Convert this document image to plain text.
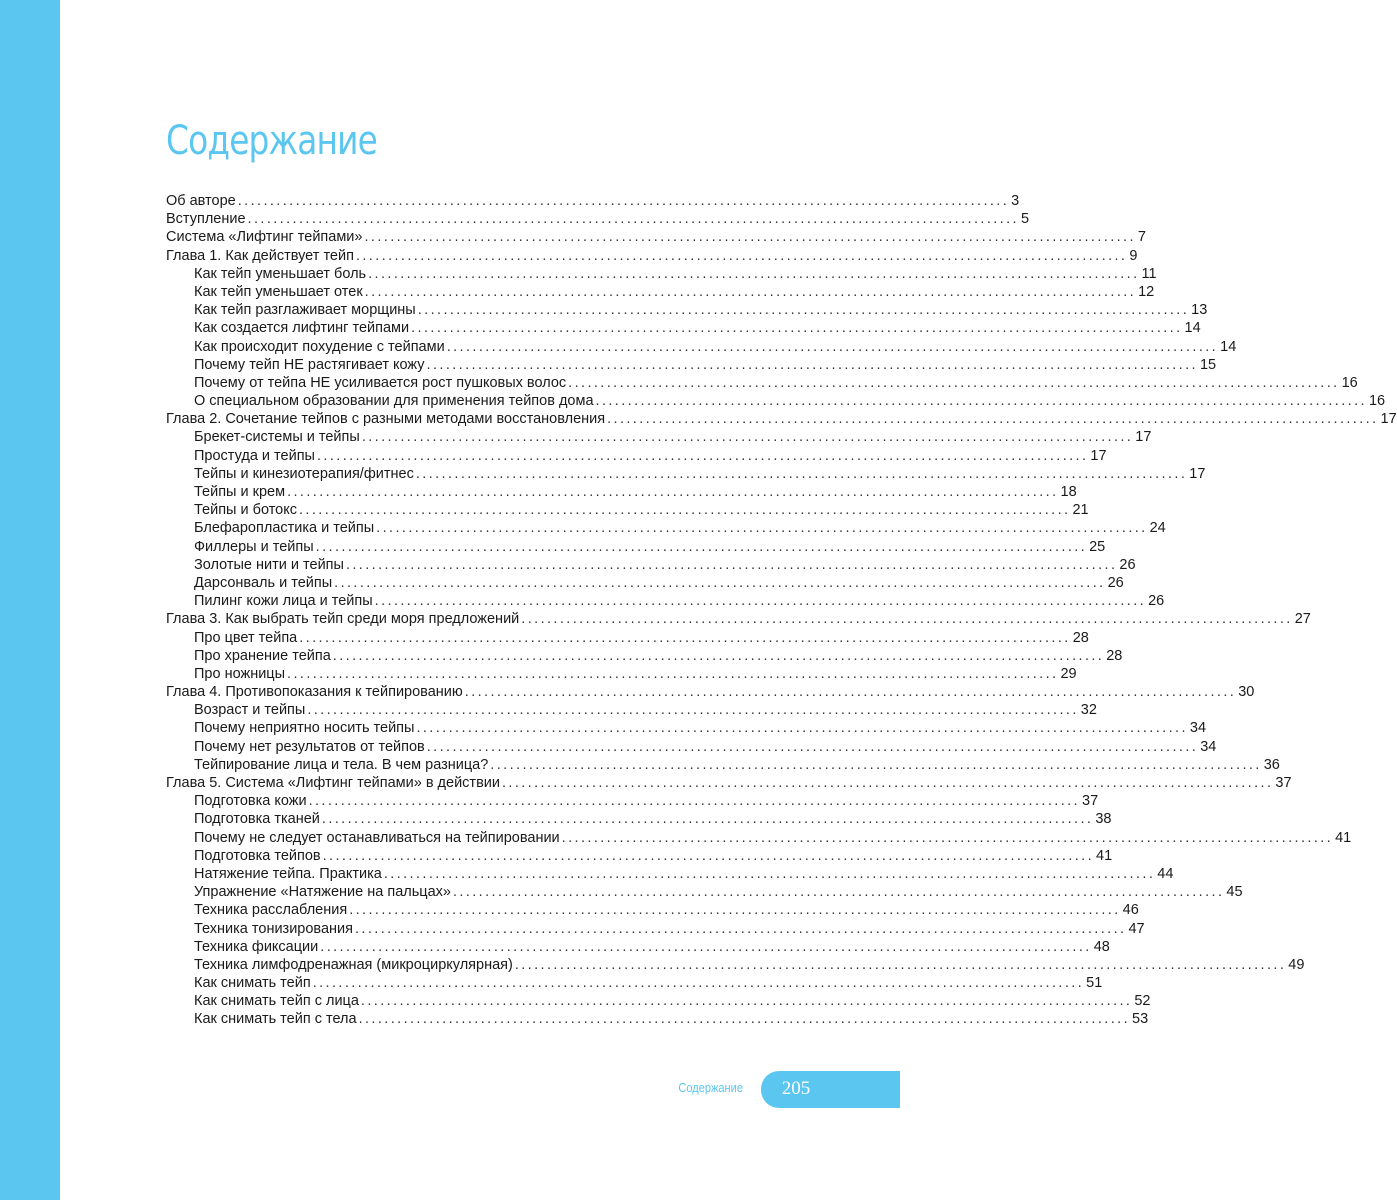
Содержание
Об авторе ........................................................................................................................ 3
Вступление ........................................................................................................................ 5
Система «Лифтинг тейпами» ........................................................................................................................ 7
Глава 1. Как действует тейп ........................................................................................................................ 9
Как тейп уменьшает боль ........................................................................................................................ 11
Как тейп уменьшает отек ........................................................................................................................ 12
Как тейп разглаживает морщины ........................................................................................................................ 13
Как создается лифтинг тейпами ........................................................................................................................ 14
Как происходит похудение с тейпами ........................................................................................................................ 14
Почему тейп НЕ растягивает кожу ........................................................................................................................ 15
Почему от тейпа НЕ усиливается рост пушковых волос ........................................................................................................................ 16
О специальном образовании для применения тейпов дома ........................................................................................................................ 16
Глава 2. Сочетание тейпов с разными методами восстановления ........................................................................................................................ 17
Брекет-системы и тейпы ........................................................................................................................ 17
Простуда и тейпы ........................................................................................................................ 17
Тейпы и кинезиотерапия/фитнес ........................................................................................................................ 17
Тейпы и крем ........................................................................................................................ 18
Тейпы и ботокс ........................................................................................................................ 21
Блефаропластика и тейпы ........................................................................................................................ 24
Филлеры и тейпы ........................................................................................................................ 25
Золотые нити и тейпы ........................................................................................................................ 26
Дарсонваль и тейпы ........................................................................................................................ 26
Пилинг кожи лица и тейпы ........................................................................................................................ 26
Глава 3. Как выбрать тейп среди моря предложений ........................................................................................................................ 27
Про цвет тейпа ........................................................................................................................ 28
Про хранение тейпа ........................................................................................................................ 28
Про ножницы ........................................................................................................................ 29
Глава 4. Противопоказания к тейпированию ........................................................................................................................ 30
Возраст и тейпы ........................................................................................................................ 32
Почему неприятно носить тейпы ........................................................................................................................ 34
Почему нет результатов от тейпов ........................................................................................................................ 34
Тейпирование лица и тела. В чем разница? ........................................................................................................................ 36
Глава 5. Система «Лифтинг тейпами» в действии ........................................................................................................................ 37
Подготовка кожи ........................................................................................................................ 37
Подготовка тканей ........................................................................................................................ 38
Почему не следует останавливаться на тейпировании ........................................................................................................................ 41
Подготовка тейпов ........................................................................................................................ 41
Натяжение тейпа. Практика ........................................................................................................................ 44
Упражнение «Натяжение на пальцах» ........................................................................................................................ 45
Техника расслабления ........................................................................................................................ 46
Техника тонизирования ........................................................................................................................ 47
Техника фиксации ........................................................................................................................ 48
Техника лимфодренажная (микроциркулярная) ........................................................................................................................ 49
Как снимать тейп ........................................................................................................................ 51
Как снимать тейп с лица ........................................................................................................................ 52
Как снимать тейп с тела ........................................................................................................................ 53
Содержание	205
